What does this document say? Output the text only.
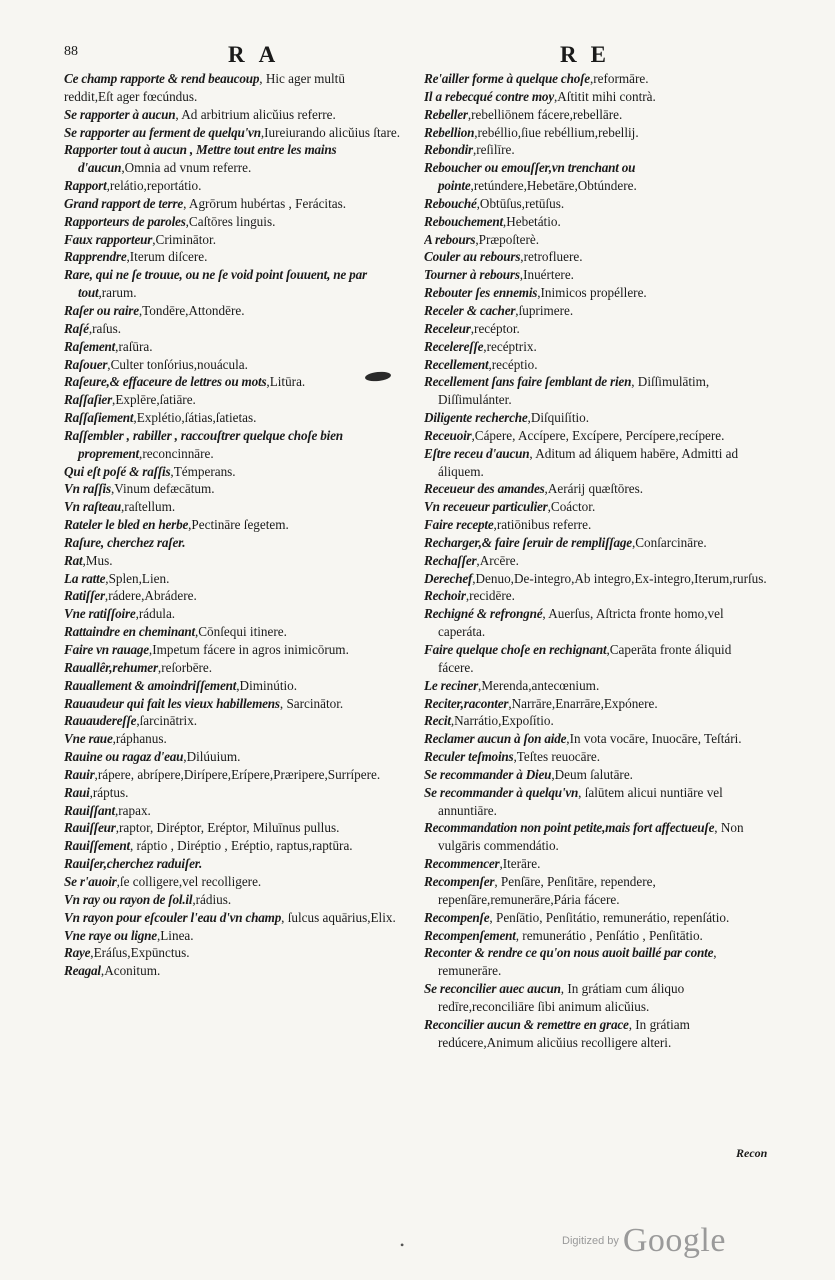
88	RA	RE
Ce champ rapporte & rend beaucoup, Hic ager multū
reddit,Eſt ager fœcúndus.
Se rapporter à aucun, Ad arbitrium alicŭius referre.
Se rapporter au ferment de quelqu'vn,Iureiurando alicŭius ſtare.
Rapporter tout à aucun , Mettre tout entre les mains d'aucun,Omnia ad vnum referre.
Rapport,relátio,reportátio.
Grand rapport de terre, Agrōrum hubértas , Ferácitas.
Rapporteurs de paroles,Caſtōres linguis.
Faux rapporteur,Criminātor.
Rapprendre,Iterum diſcere.
Rare, qui ne ſe trouue, ou ne ſe void point ſouuent, ne par tout,rarum.
Raſer ou raire,Tondēre,Attondēre.
Raſé,raſus.
Raſement,raſūra.
Raſouer,Culter tonſórius,nouácula.
Raſeure,& effaceure de lettres ou mots,Litūra.
Raſſaſier,Explēre,ſatiāre.
Raſſaſiement,Explétio,ſátias,ſatietas.
Raſſembler , rabiller , raccouſtrer quelque choſe bien proprement,reconcinnāre.
Qui eſt poſé & raſſis,Témperans.
Vn raſſis,Vinum defæcātum.
Vn raſteau,raſtellum.
Rateler le bled en herbe,Pectināre ſegetem.
Raſure, cherchez raſer.
Rat,Mus.
La ratte,Splen,Lien.
Ratiſſer,rádere,Abrádere.
Vne ratiſſoire,rádula.
Rattaindre en cheminant,Cōnſequi itinere.
Faire vn rauage,Impetum fácere in agros inimicōrum.
Rauallêr,rehumer,reſorbēre.
Rauallement & amoindriſſement,Diminútio.
Rauaudeur qui fait les vieux habillemens, Sarcinātor.
Rauaudereſſe,ſarcinātrix.
Vne raue,ráphanus.
Rauine ou ragaz d'eau,Dilúuium.
Rauir,rápere, abrípere,Dirípere,Erípere,Præripere,Surrípere.
Raui,ráptus.
Rauiſſant,rapax.
Rauiſſeur,raptor, Diréptor, Eréptor, Miluīnus pullus.
Rauiſſement, ráptio , Diréptio , Eréptio, raptus,raptūra.
Rauiſer,cherchez raduiſer.
Se r'auoir,ſe colligere,vel recolligere.
Vn ray ou rayon de ſol.il,rádius.
Vn rayon pour eſcouler l'eau d'vn champ, ſulcus aquārius,Elix.
Vne raye ou ligne,Linea.
Raye,Eráſus,Expūnctus.
Reagal,Aconitum.
Re'ailler forme à quelque choſe,reformāre.
Il a rebecqué contre moy,Aſtitit mihi contrà.
Rebeller,rebelliōnem fácere,rebellāre.
Rebellion,rebéllio,ſiue rebéllium,rebellij.
Rebondir,reſilīre.
Reboucher ou emouſſer,vn trenchant ou pointe,retúndere,Hebetāre,Obtúndere.
Rebouché,Obtūſus,retūſus.
Rebouchement,Hebetátio.
A rebours,Præpoſterè.
Couler au rebours,retrofluere.
Tourner à rebours,Inuértere.
Rebouter ſes ennemis,Inimicos propéllere.
Receler & cacher,ſuprimere.
Receleur,recéptor.
Recelereſſe,recéptrix.
Recellement,recéptio.
Recellement ſans faire ſemblant de rien, Diſſimulātim, Diſſimulánter.
Diligente recherche,Diſquiſítio.
Receuoir,Cápere, Accípere, Excípere, Percípere,recípere.
Eſtre receu d'aucun, Aditum ad áliquem habēre, Admitti ad áliquem.
Receueur des amandes,Aerárij quæſtōres.
Vn receueur particulier,Coáctor.
Faire recepte,ratiōnibus referre.
Recharger,& faire ſeruir de rempliſſage,Conſarcināre.
Rechaſſer,Arcēre.
Derechef,Denuo,De-integro,Ab integro,Ex-integro,Iterum,rurſus.
Rechoir,recidēre.
Rechigné & refrongné, Auerſus, Aſtricta fronte homo,vel caperáta.
Faire quelque choſe en rechignant,Caperāta fronte áliquid fácere.
Le reciner,Merenda,antecœnium.
Reciter,raconter,Narrāre,Enarrāre,Expónere.
Recit,Narrátio,Expoſítio.
Reclamer aucun à ſon aide,In vota vocāre, Inuocāre, Teſtári.
Reculer teſmoins,Teſtes reuocāre.
Se recommander à Dieu,Deum ſalutāre.
Se recommander à quelqu'vn, ſalūtem alicui nuntiāre vel annuntiāre.
Recommandation non point petite,mais fort affectueuſe, Non vulgāris commendátio.
Recommencer,Iterāre.
Recompenſer, Penſāre, Penſitāre, rependere, repenſāre,remunerāre,Pária fácere.
Recompenſe, Penſātio, Penſitátio, remunerátio, repenſátio.
Recompenſement, remunerátio , Penſátio , Penſitātio.
Reconter & rendre ce qu'on nous auoit baillé par conte, remunerāre.
Se reconcilier auec aucun, In grátiam cum áliquo redīre,reconciliāre ſibi animum alicŭius.
Reconcilier aucun & remettre en grace, In grátiam redúcere,Animum alicŭius recolligere alteri.
Recon
Digitized by Google
•
